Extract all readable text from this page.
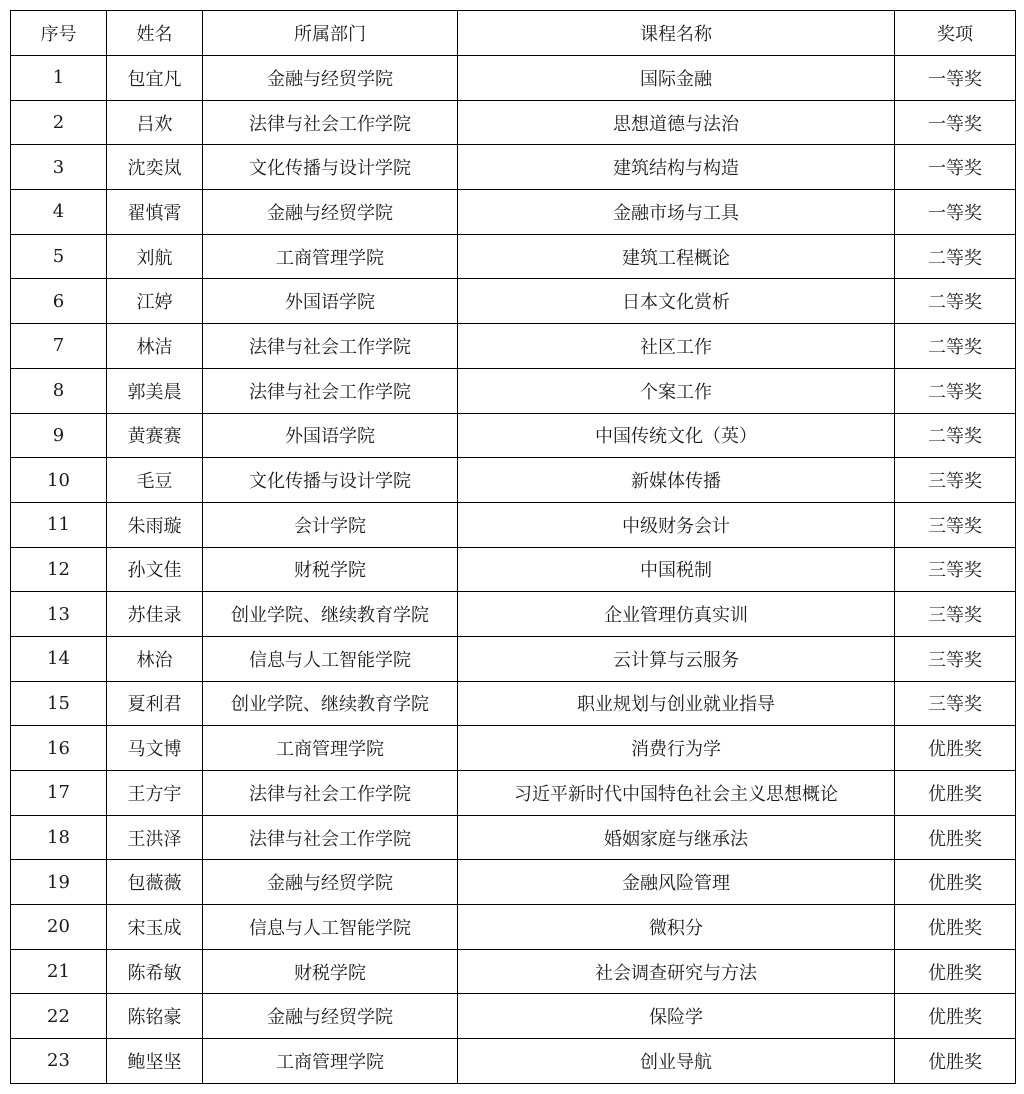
序号	姓名	所属部门	课程名称	奖项
1	包宜凡	金融与经贸学院	国际金融	一等奖
2	吕欢	法律与社会工作学院	思想道德与法治	一等奖
3	沈奕岚	文化传播与设计学院	建筑结构与构造	一等奖
4	翟慎霄	金融与经贸学院	金融市场与工具	一等奖
5	刘航	工商管理学院	建筑工程概论	二等奖
6	江婷	外国语学院	日本文化赏析	二等奖
7	林洁	法律与社会工作学院	社区工作	二等奖
8	郭美晨	法律与社会工作学院	个案工作	二等奖
9	黄赛赛	外国语学院	中国传统文化（英）	二等奖
10	毛豆	文化传播与设计学院	新媒体传播	三等奖
11	朱雨璇	会计学院	中级财务会计	三等奖
12	孙文佳	财税学院	中国税制	三等奖
13	苏佳录	创业学院、继续教育学院	企业管理仿真实训	三等奖
14	林治	信息与人工智能学院	云计算与云服务	三等奖
15	夏利君	创业学院、继续教育学院	职业规划与创业就业指导	三等奖
16	马文博	工商管理学院	消费行为学	优胜奖
17	王方宇	法律与社会工作学院	习近平新时代中国特色社会主义思想概论	优胜奖
18	王洪泽	法律与社会工作学院	婚姻家庭与继承法	优胜奖
19	包薇薇	金融与经贸学院	金融风险管理	优胜奖
20	宋玉成	信息与人工智能学院	微积分	优胜奖
21	陈希敏	财税学院	社会调查研究与方法	优胜奖
22	陈铭豪	金融与经贸学院	保险学	优胜奖
23	鲍坚坚	工商管理学院	创业导航	优胜奖
